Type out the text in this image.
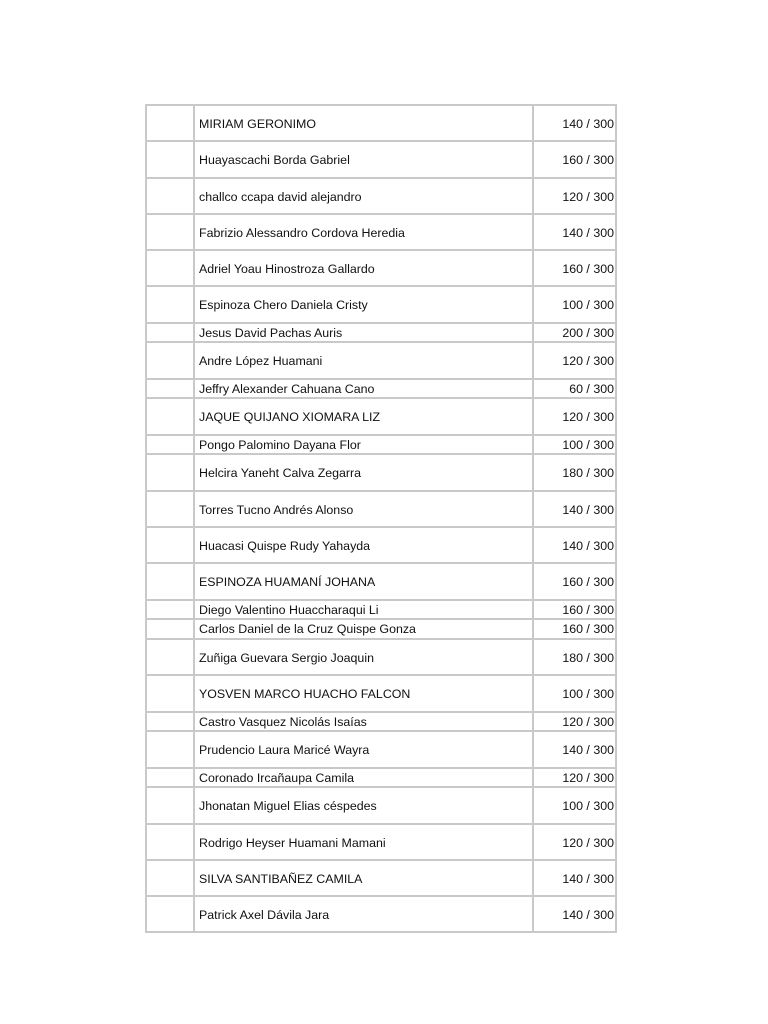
MIRIAM GERONIMO	140 / 300
Huayascachi Borda Gabriel	160 / 300
challco ccapa david alejandro	120 / 300
Fabrizio Alessandro Cordova Heredia	140 / 300
Adriel Yoau Hinostroza Gallardo	160 / 300
Espinoza Chero Daniela Cristy	100 / 300
Jesus David Pachas Auris	200 / 300
Andre López Huamani	120 / 300
Jeffry Alexander Cahuana Cano	60 / 300
JAQUE QUIJANO XIOMARA LIZ	120 / 300
Pongo Palomino Dayana Flor	100 / 300
Helcira Yaneht Calva Zegarra	180 / 300
Torres Tucno Andrés Alonso	140 / 300
Huacasi Quispe Rudy Yahayda	140 / 300
ESPINOZA HUAMANÍ JOHANA	160 / 300
Diego Valentino Huaccharaqui Li	160 / 300
Carlos Daniel de la Cruz Quispe Gonza	160 / 300
Zuñiga Guevara Sergio Joaquin	180 / 300
YOSVEN MARCO HUACHO FALCON	100 / 300
Castro Vasquez Nicolás Isaías	120 / 300
Prudencio Laura Maricé Wayra	140 / 300
Coronado Ircañaupa Camila	120 / 300
Jhonatan Miguel Elias céspedes	100 / 300
Rodrigo Heyser Huamani Mamani	120 / 300
SILVA SANTIBAÑEZ CAMILA	140 / 300
Patrick Axel Dávila Jara	140 / 300
